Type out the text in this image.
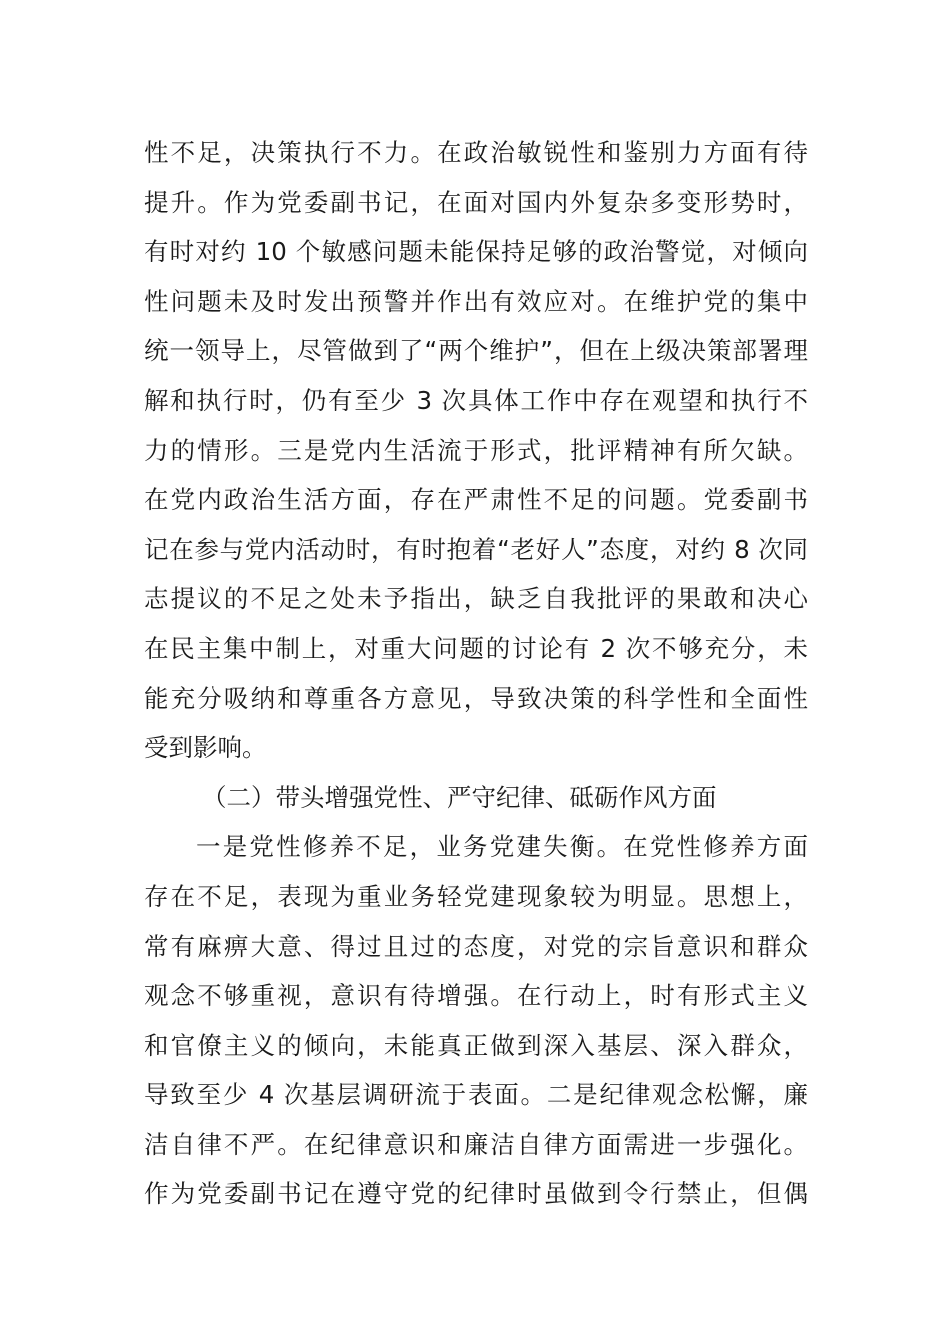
性不足，决策执行不力。在政治敏锐性和鉴别力方面有待
提升。作为党委副书记，在面对国内外复杂多变形势时，
有时对约 10 个敏感问题未能保持足够的政治警觉，对倾向
性问题未及时发出预警并作出有效应对。在维护党的集中
统一领导上，尽管做到了“两个维护”，但在上级决策部署理
解和执行时，仍有至少 3 次具体工作中存在观望和执行不
力的情形。三是党内生活流于形式，批评精神有所欠缺。
在党内政治生活方面，存在严肃性不足的问题。党委副书
记在参与党内活动时，有时抱着“老好人”态度，对约 8 次同
志提议的不足之处未予指出，缺乏自我批评的果敢和决心
在民主集中制上，对重大问题的讨论有 2 次不够充分，未
能充分吸纳和尊重各方意见，导致决策的科学性和全面性
受到影响。
（二）带头增强党性、严守纪律、砥砺作风方面
一是党性修养不足，业务党建失衡。在党性修养方面
存在不足，表现为重业务轻党建现象较为明显。思想上，
常有麻痹大意、得过且过的态度，对党的宗旨意识和群众
观念不够重视，意识有待增强。在行动上，时有形式主义
和官僚主义的倾向，未能真正做到深入基层、深入群众，
导致至少 4 次基层调研流于表面。二是纪律观念松懈，廉
洁自律不严。在纪律意识和廉洁自律方面需进一步强化。
作为党委副书记在遵守党的纪律时虽做到令行禁止，但偶
